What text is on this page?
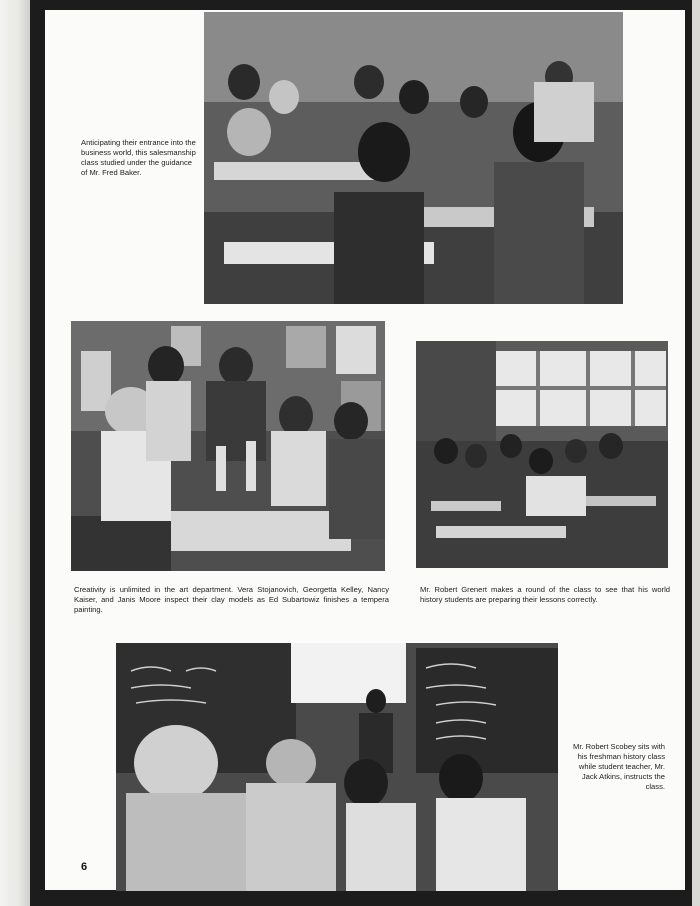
Anticipating their entrance into the business world, this salesmanship class studied under the guidance of Mr. Fred Baker.

Creativity is unlimited in the art department. Vera Stojanovich, Georgetta Kelley, Nancy Kaiser, and Janis Moore inspect their clay models as Ed Subartowiz finishes a tempera painting.

Mr. Robert Grenert makes a round of the class to see that his world history students are preparing their lessons correctly.

Mr. Robert Scobey sits with his freshman history class while student teacher, Mr. Jack Atkins, instructs the class.

6
